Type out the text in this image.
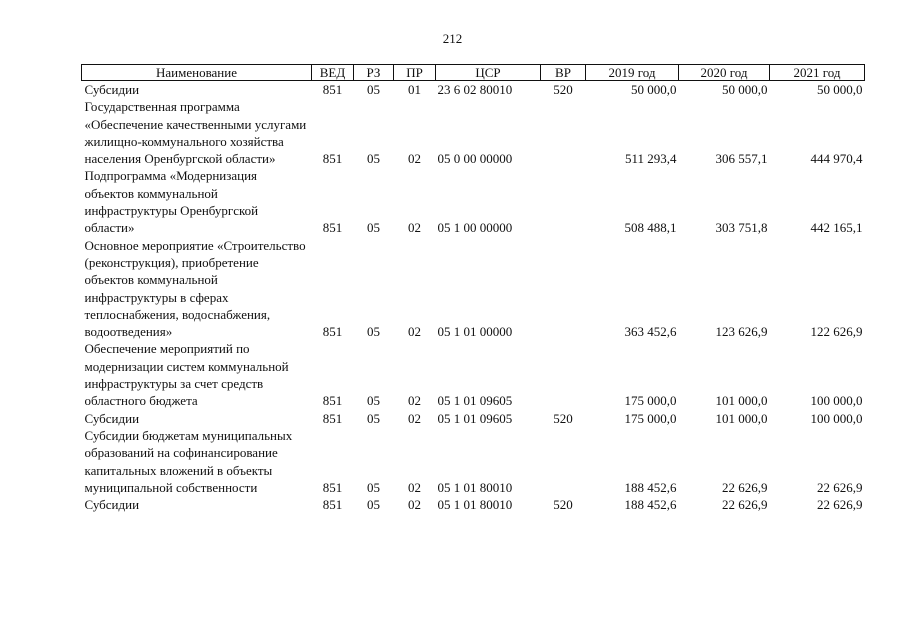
212
Наименование	ВЕД	РЗ	ПР	ЦСР	ВР	2019 год	2020 год	2021 год
Субсидии	851	05	01	23 6 02 80010	520	50 000,0	50 000,0	50 000,0
Государственная программа «Обеспечение качественными услугами жилищно-коммунального хозяйства населения Оренбургской области»	851	05	02	05 0 00 00000		511 293,4	306 557,1	444 970,4
Подпрограмма «Модернизация объектов коммунальной инфраструктуры Оренбургской области»	851	05	02	05 1 00 00000		508 488,1	303 751,8	442 165,1
Основное мероприятие «Строительство (реконструкция), приобретение объектов коммунальной инфраструктуры в сферах теплоснабжения, водоснабжения, водоотведения»	851	05	02	05 1 01 00000		363 452,6	123 626,9	122 626,9
Обеспечение мероприятий по модернизации систем коммунальной инфраструктуры за счет средств областного бюджета	851	05	02	05 1 01 09605		175 000,0	101 000,0	100 000,0
Субсидии	851	05	02	05 1 01 09605	520	175 000,0	101 000,0	100 000,0
Субсидии бюджетам муниципальных образований на софинансирование капитальных вложений в объекты муниципальной собственности	851	05	02	05 1 01 80010		188 452,6	22 626,9	22 626,9
Субсидии	851	05	02	05 1 01 80010	520	188 452,6	22 626,9	22 626,9
